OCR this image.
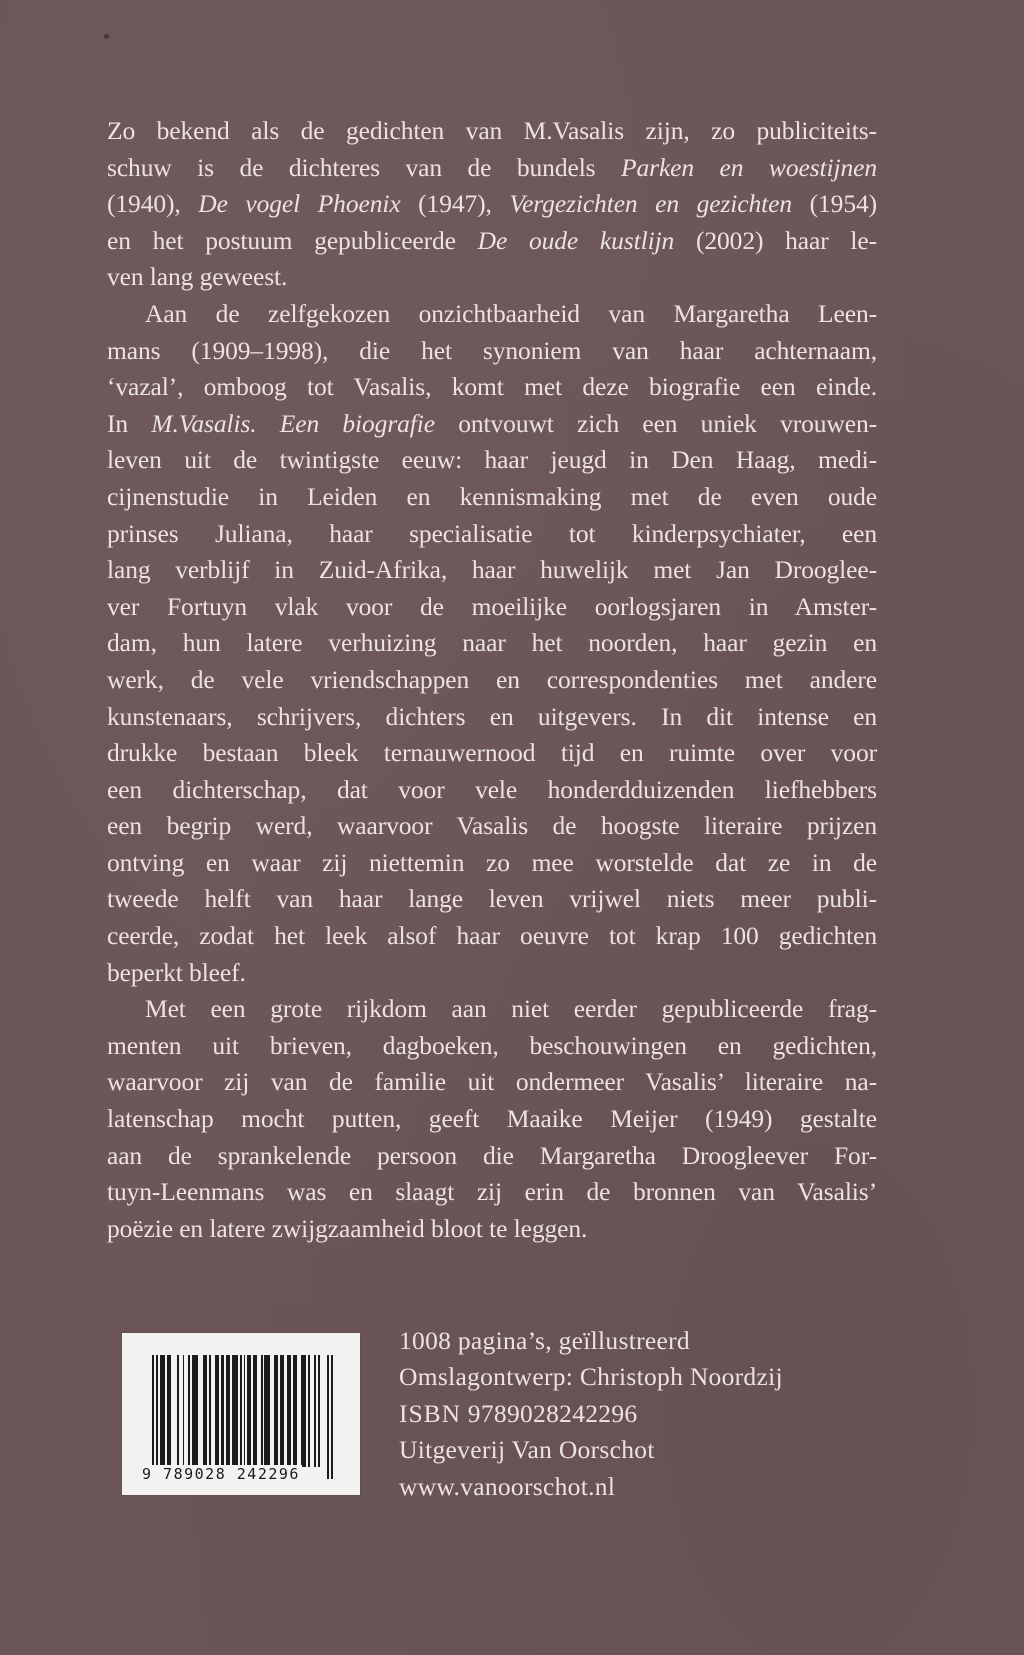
Zo bekend als de gedichten van M.Vasalis zijn, zo publiciteits-
schuw is de dichteres van de bundels Parken en woestijnen
(1940), De vogel Phoenix (1947), Vergezichten en gezichten (1954)
en het postuum gepubliceerde De oude kustlijn (2002) haar le-
ven lang geweest.
Aan de zelfgekozen onzichtbaarheid van Margaretha Leen-
mans (1909–1998), die het synoniem van haar achternaam,
‘vazal’, omboog tot Vasalis, komt met deze biografie een einde.
In M.Vasalis. Een biografie ontvouwt zich een uniek vrouwen-
leven uit de twintigste eeuw: haar jeugd in Den Haag, medi-
cijnenstudie in Leiden en kennismaking met de even oude
prinses Juliana, haar specialisatie tot kinderpsychiater, een
lang verblijf in Zuid-Afrika, haar huwelijk met Jan Drooglee-
ver Fortuyn vlak voor de moeilijke oorlogsjaren in Amster-
dam, hun latere verhuizing naar het noorden, haar gezin en
werk, de vele vriendschappen en correspondenties met andere
kunstenaars, schrijvers, dichters en uitgevers. In dit intense en
drukke bestaan bleek ternauwernood tijd en ruimte over voor
een dichterschap, dat voor vele honderdduizenden liefhebbers
een begrip werd, waarvoor Vasalis de hoogste literaire prijzen
ontving en waar zij niettemin zo mee worstelde dat ze in de
tweede helft van haar lange leven vrijwel niets meer publi-
ceerde, zodat het leek alsof haar oeuvre tot krap 100 gedichten
beperkt bleef.
Met een grote rijkdom aan niet eerder gepubliceerde frag-
menten uit brieven, dagboeken, beschouwingen en gedichten,
waarvoor zij van de familie uit ondermeer Vasalis’ literaire na-
latenschap mocht putten, geeft Maaike Meijer (1949) gestalte
aan de sprankelende persoon die Margaretha Droogleever For-
tuyn-Leenmans was en slaagt zij erin de bronnen van Vasalis’
poëzie en latere zwijgzaamheid bloot te leggen.
9 789028 242296
1008 pagina’s, geïllustreerd
Omslagontwerp: Christoph Noordzij
ISBN 9789028242296
Uitgeverij Van Oorschot
www.vanoorschot.nl
